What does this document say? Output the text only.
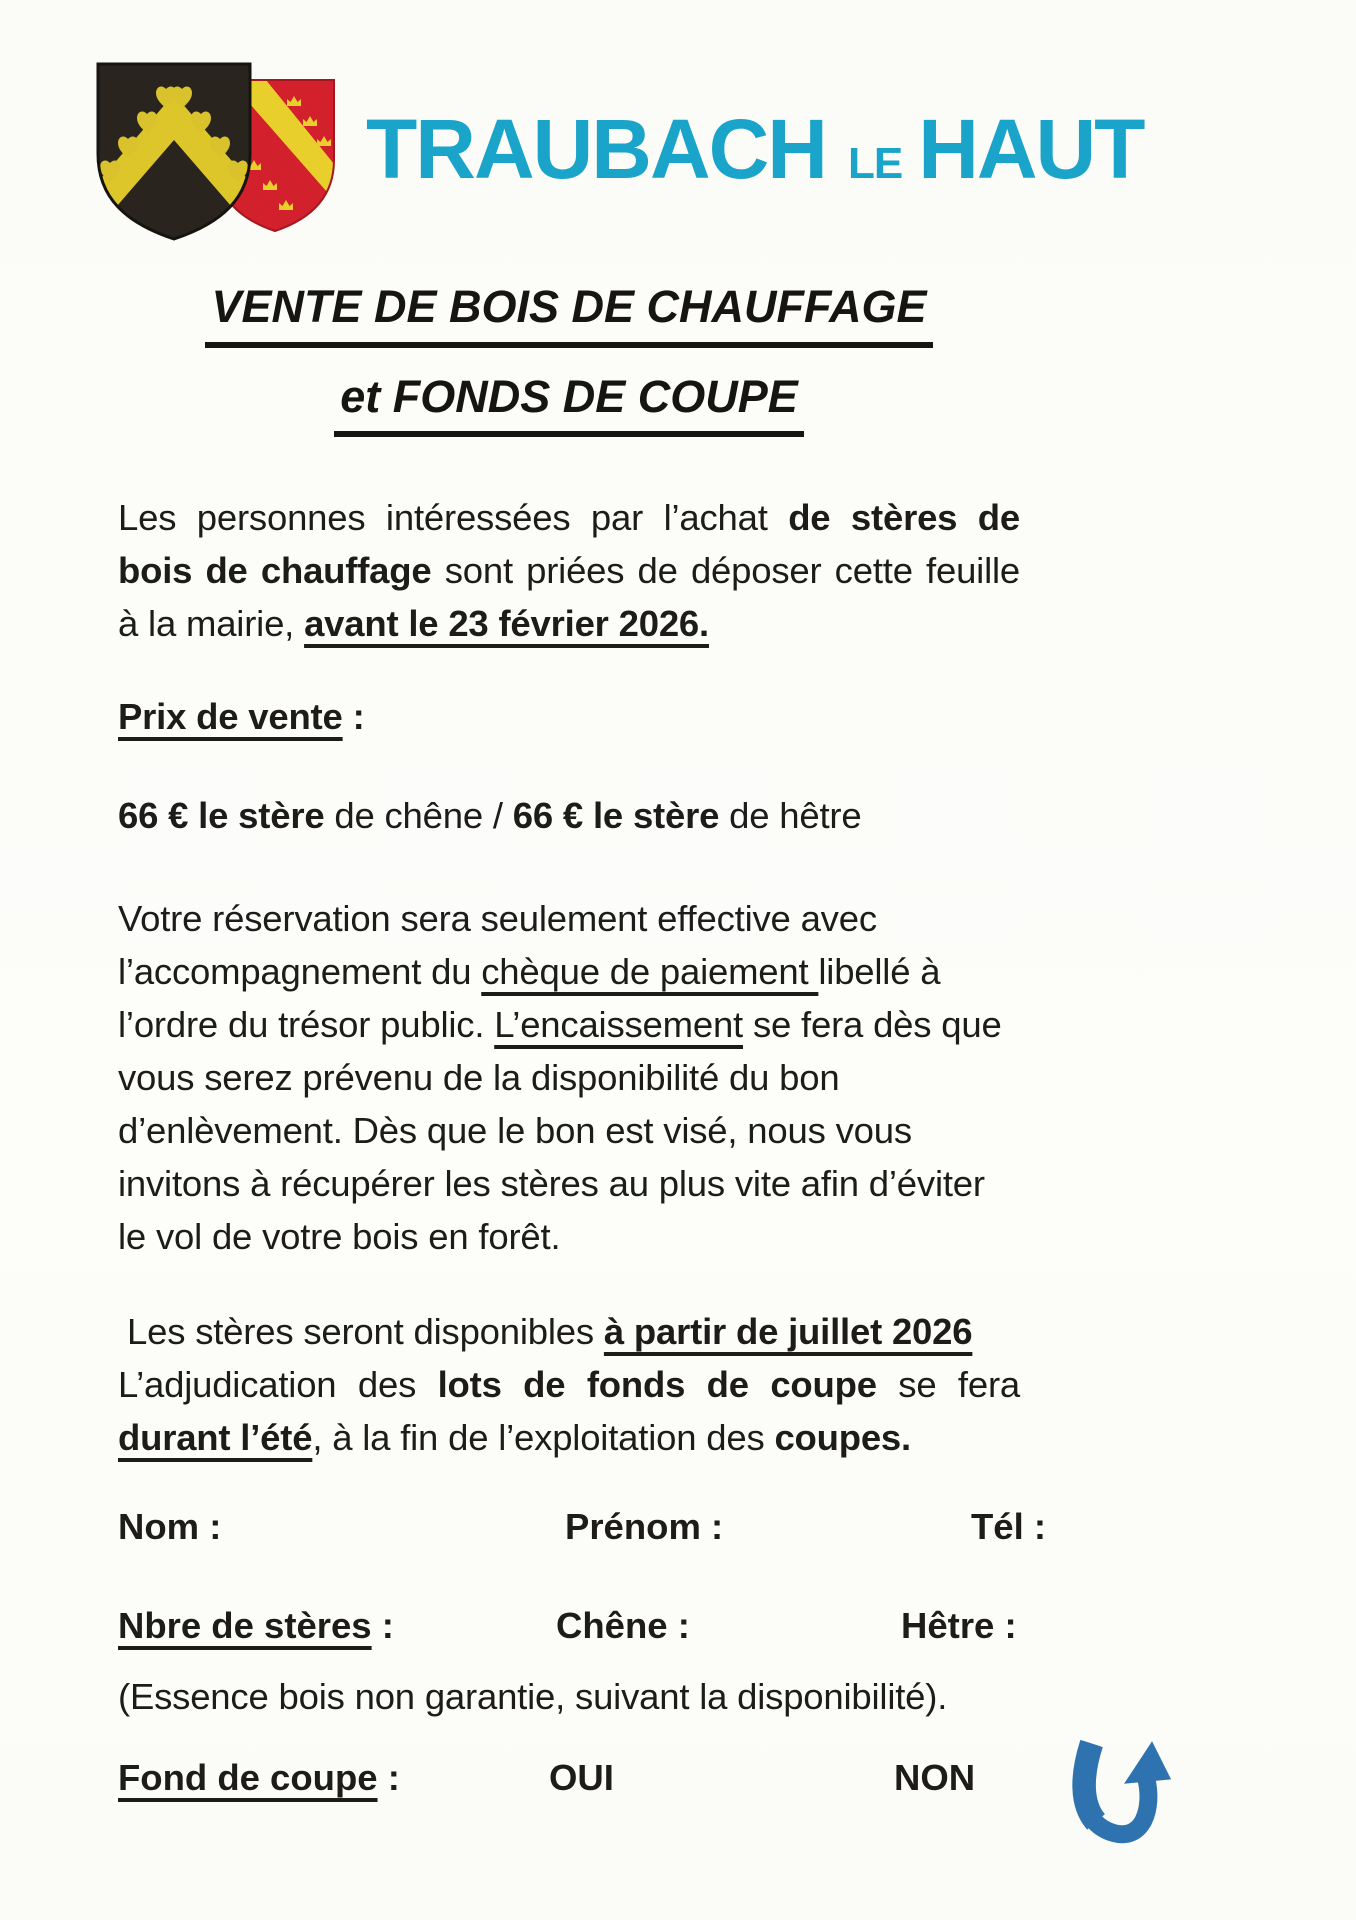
TRAUBACH LE HAUT
VENTE DE BOIS DE CHAUFFAGE
et FONDS DE COUPE

Les personnes intéressées par l’achat de stères de bois de chauffage sont priées de déposer cette feuille à la mairie, avant le 23 février 2026.

Prix de vente :

66 € le stère de chêne / 66 € le stère de hêtre

Votre réservation sera seulement effective avec l’accompagnement du chèque de paiement libellé à l’ordre du trésor public. L’encaissement se fera dès que vous serez prévenu de la disponibilité du bon d’enlèvement. Dès que le bon est visé, nous vous invitons à récupérer les stères au plus vite afin d’éviter le vol de votre bois en forêt.

Les stères seront disponibles à partir de juillet 2026
L’adjudication des lots de fonds de coupe se fera durant l’été, à la fin de l’exploitation des coupes.

Nom :	Prénom :	Tél :
Nbre de stères :	Chêne :	Hêtre :

(Essence bois non garantie, suivant la disponibilité).

Fond de coupe :	OUI	NON
